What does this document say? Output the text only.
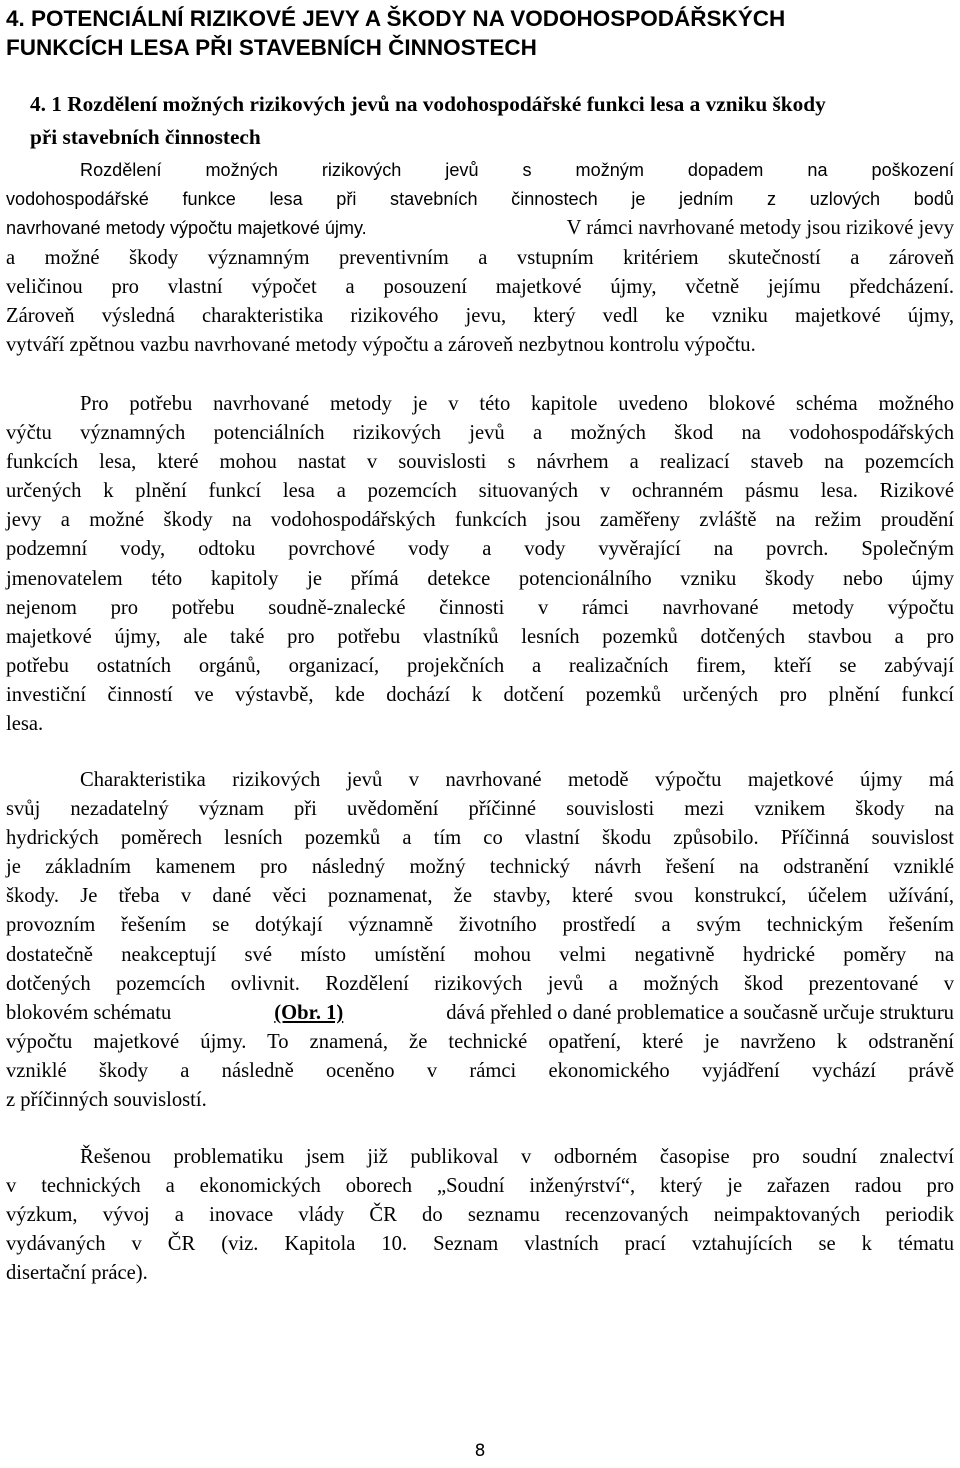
4. POTENCIÁLNÍ RIZIKOVÉ JEVY A ŠKODY NA VODOHOSPODÁŘSKÝCH
FUNKCÍCH LESA PŘI STAVEBNÍCH ČINNOSTECH
4. 1 Rozdělení možných rizikových jevů na vodohospodářské funkci lesa a vzniku škody
při stavebních činnostech
Rozdělení možných rizikových jevů s možným dopadem na poškození
vodohospodářské funkce lesa při stavebních činnostech je jedním z uzlových bodů
navrhované metody výpočtu majetkové újmy.	V rámci navrhované metody jsou rizikové jevy
a možné škody významným preventivním a vstupním kritériem skutečností a zároveň
veličinou pro vlastní výpočet a posouzení majetkové újmy, včetně jejímu předcházení.
Zároveň výsledná charakteristika rizikového jevu, který vedl ke vzniku majetkové újmy,
vytváří zpětnou vazbu navrhované metody výpočtu a zároveň nezbytnou kontrolu výpočtu.
Pro potřebu navrhované metody je v této kapitole uvedeno blokové schéma možného
výčtu významných potenciálních rizikových jevů a možných škod na vodohospodářských
funkcích lesa, které mohou nastat v souvislosti s návrhem a realizací staveb na pozemcích
určených k plnění funkcí lesa a pozemcích situovaných v ochranném pásmu lesa. Rizikové
jevy a možné škody na vodohospodářských funkcích jsou zaměřeny zvláště na režim proudění
podzemní vody, odtoku povrchové vody a vody vyvěrající na povrch. Společným
jmenovatelem této kapitoly je přímá detekce potencionálního vzniku škody nebo újmy
nejenom pro potřebu soudně-znalecké činnosti v rámci navrhované metody výpočtu
majetkové újmy, ale také pro potřebu vlastníků lesních pozemků dotčených stavbou a pro
potřebu ostatních orgánů, organizací, projekčních a realizačních firem, kteří se zabývají
investiční činností ve výstavbě, kde dochází k dotčení pozemků určených pro plnění funkcí
lesa.
Charakteristika rizikových jevů v navrhované metodě výpočtu majetkové újmy má
svůj nezadatelný význam při uvědomění příčinné souvislosti mezi vznikem škody na
hydrických poměrech lesních pozemků a tím co vlastní škodu způsobilo. Příčinná souvislost
je základním kamenem pro následný možný technický návrh řešení na odstranění vzniklé
škody. Je třeba v dané věci poznamenat, že stavby, které svou konstrukcí, účelem užívání,
provozním řešením se dotýkají významně životního prostředí a svým technickým řešením
dostatečně neakceptují své místo umístění mohou velmi negativně hydrické poměry na
dotčených pozemcích ovlivnit. Rozdělení rizikových jevů a možných škod prezentované v
blokovém schématu	(Obr. 1)	dává přehled o dané problematice a současně určuje strukturu
výpočtu majetkové újmy. To znamená, že technické opatření, které je navrženo k odstranění
vzniklé škody a následně oceněno v rámci ekonomického vyjádření vychází právě
z příčinných souvislostí.
Řešenou problematiku jsem již publikoval v odborném časopise pro soudní znalectví
v technických a ekonomických oborech „Soudní inženýrství“, který je zařazen radou pro
výzkum, vývoj a inovace vlády ČR do seznamu recenzovaných neimpaktovaných periodik
vydávaných v ČR (viz. Kapitola 10. Seznam vlastních prací vztahujících se k tématu
disertační práce).
8
